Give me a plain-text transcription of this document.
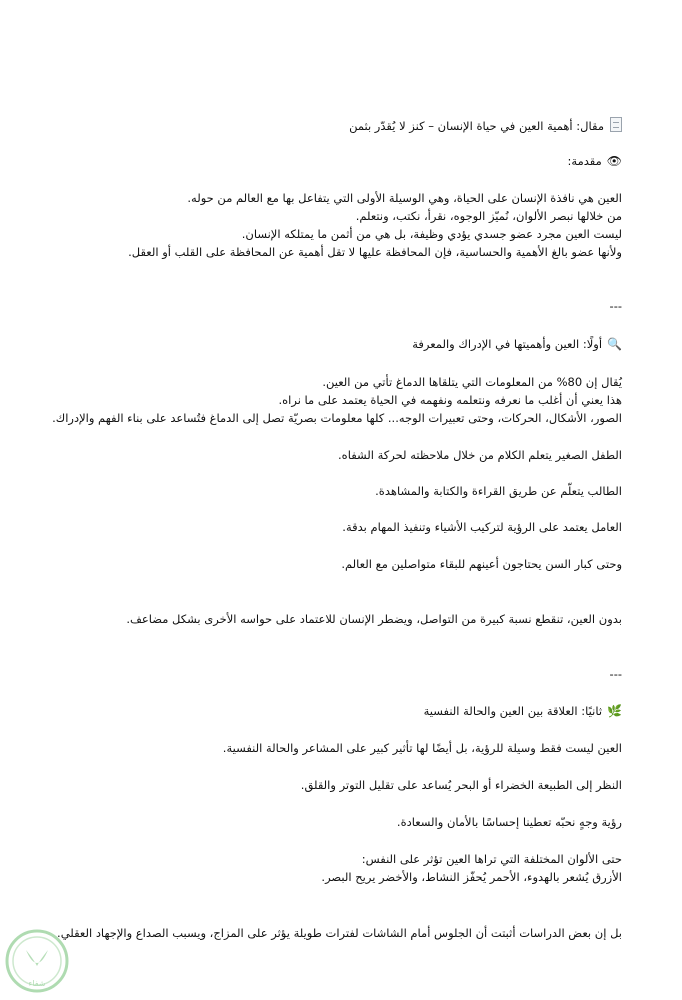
مقال: أهمية العين في حياة الإنسان – كنز لا يُقدّر بثمن
👁مقدمة:
العين هي نافذة الإنسان على الحياة، وهي الوسيلة الأولى التي يتفاعل بها مع العالم من حوله.
من خلالها نبصر الألوان، نُميّز الوجوه، نقرأ، نكتب، ونتعلم.
ليست العين مجرد عضو جسدي يؤدي وظيفة، بل هي من أثمن ما يمتلكه الإنسان.
ولأنها عضو بالغ الأهمية والحساسية، فإن المحافظة عليها لا تقل أهمية عن المحافظة على القلب أو العقل.
---
🔍أولًا: العين وأهميتها في الإدراك والمعرفة
يُقال إن 80% من المعلومات التي يتلقاها الدماغ تأتي من العين.
هذا يعني أن أغلب ما نعرفه ونتعلمه ونفهمه في الحياة يعتمد على ما نراه.
الصور، الأشكال، الحركات، وحتى تعبيرات الوجه... كلها معلومات بصريّة تصل إلى الدماغ فتُساعد على بناء الفهم والإدراك.
الطفل الصغير يتعلم الكلام من خلال ملاحظته لحركة الشفاه.
الطالب يتعلّم عن طريق القراءة والكتابة والمشاهدة.
العامل يعتمد على الرؤية لتركيب الأشياء وتنفيذ المهام بدقة.
وحتى كبار السن يحتاجون أعينهم للبقاء متواصلين مع العالم.
بدون العين، تنقطع نسبة كبيرة من التواصل، ويضطر الإنسان للاعتماد على حواسه الأخرى بشكل مضاعف.
---
🌿ثانيًا: العلاقة بين العين والحالة النفسية
العين ليست فقط وسيلة للرؤية، بل أيضًا لها تأثير كبير على المشاعر والحالة النفسية.
النظر إلى الطبيعة الخضراء أو البحر يُساعد على تقليل التوتر والقلق.
رؤية وجهٍ نحبّه تعطينا إحساسًا بالأمان والسعادة.
حتى الألوان المختلفة التي تراها العين تؤثر على النفس:
الأزرق يُشعر بالهدوء، الأحمر يُحفّز النشاط، والأخضر يريح البصر.
بل إن بعض الدراسات أثبتت أن الجلوس أمام الشاشات لفترات طويلة يؤثر على المزاج، ويسبب الصداع والإجهاد العقلي.
شفاء
